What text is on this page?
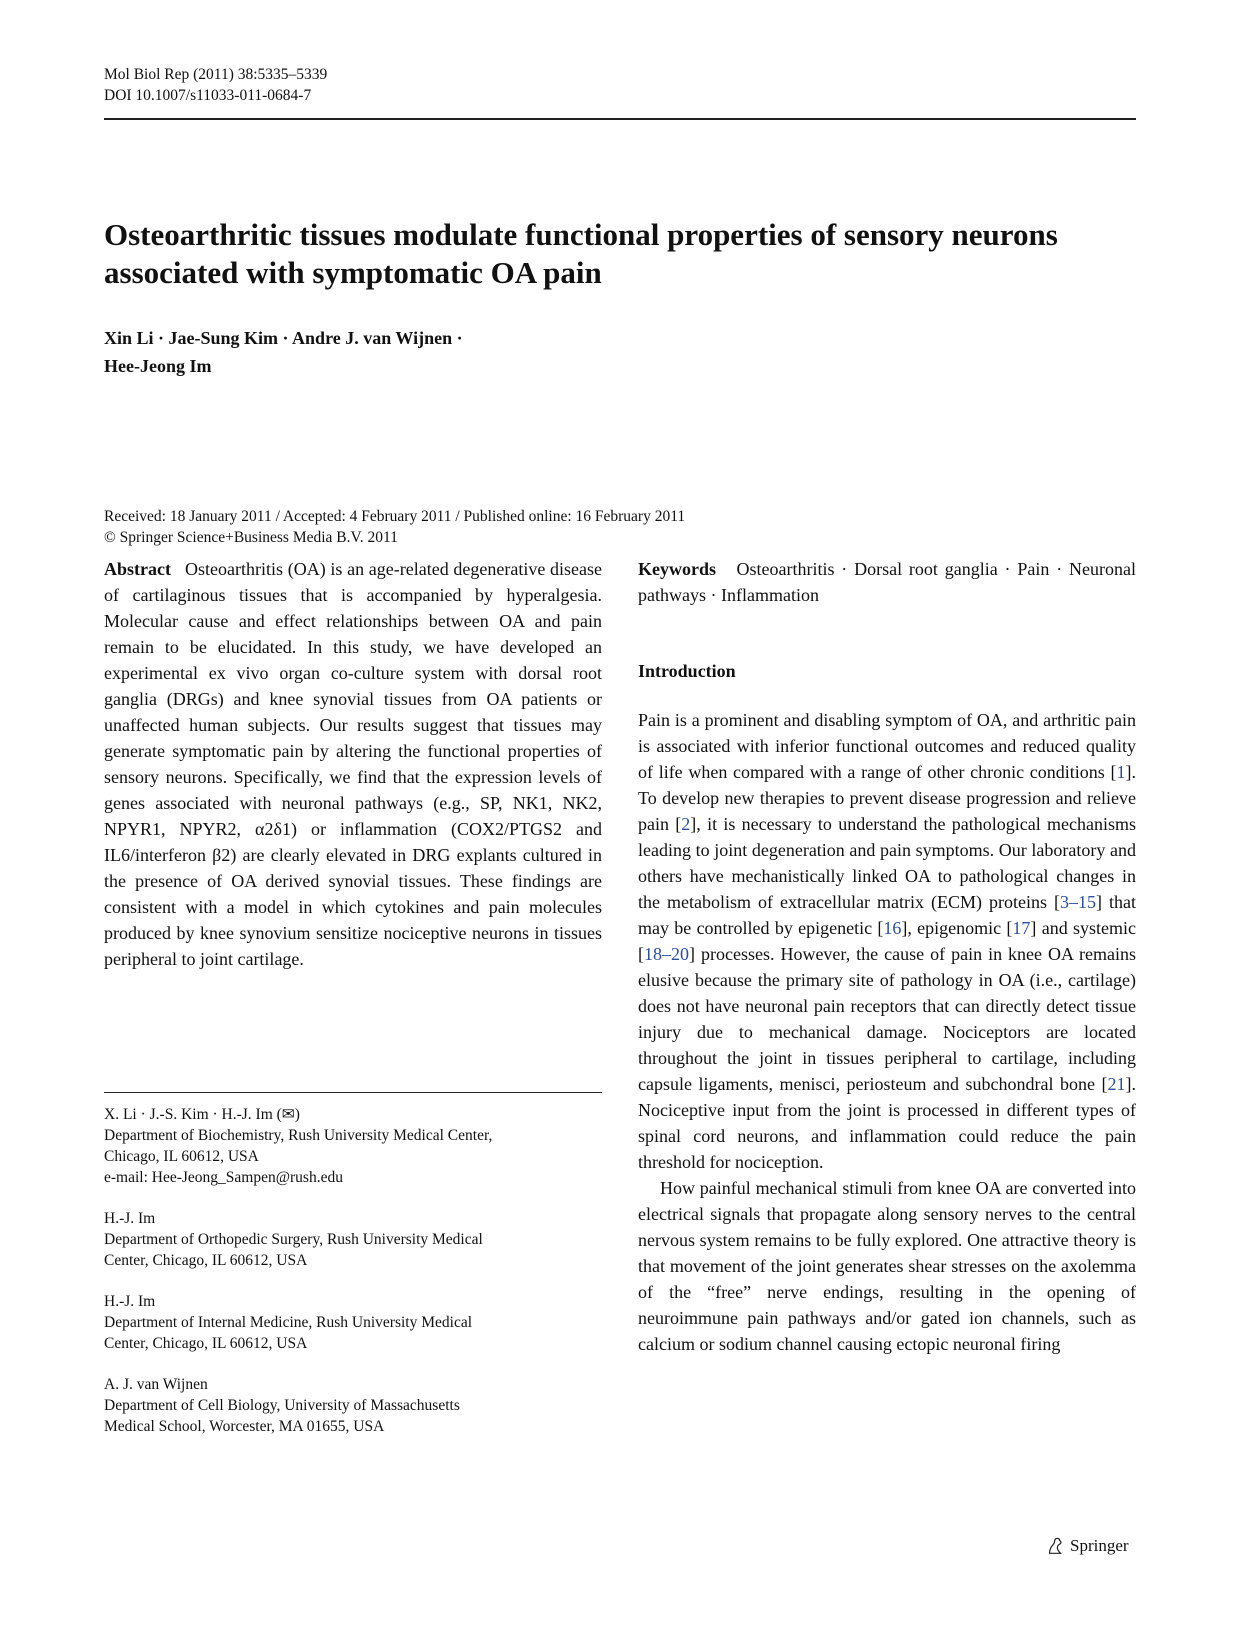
Mol Biol Rep (2011) 38:5335–5339
DOI 10.1007/s11033-011-0684-7
Osteoarthritic tissues modulate functional properties of sensory neurons associated with symptomatic OA pain
Xin Li · Jae-Sung Kim · Andre J. van Wijnen ·
Hee-Jeong Im
Received: 18 January 2011 / Accepted: 4 February 2011 / Published online: 16 February 2011
© Springer Science+Business Media B.V. 2011

Abstract Osteoarthritis (OA) is an age-related degenerative disease of cartilaginous tissues that is accompanied by hyperalgesia. Molecular cause and effect relationships between OA and pain remain to be elucidated. In this study, we have developed an experimental ex vivo organ co-culture system with dorsal root ganglia (DRGs) and knee synovial tissues from OA patients or unaffected human subjects. Our results suggest that tissues may generate symptomatic pain by altering the functional properties of sensory neurons. Specifically, we find that the expression levels of genes associated with neuronal pathways (e.g., SP, NK1, NK2, NPYR1, NPYR2, α2δ1) or inflammation (COX2/PTGS2 and IL6/interferon β2) are clearly elevated in DRG explants cultured in the presence of OA derived synovial tissues. These findings are consistent with a model in which cytokines and pain molecules produced by knee synovium sensitize nociceptive neurons in tissues peripheral to joint cartilage.

X. Li · J.-S. Kim · H.-J. Im (✉)
Department of Biochemistry, Rush University Medical Center,
Chicago, IL 60612, USA
e-mail: Hee-Jeong_Sampen@rush.edu
H.-J. Im
Department of Orthopedic Surgery, Rush University Medical
Center, Chicago, IL 60612, USA
H.-J. Im
Department of Internal Medicine, Rush University Medical
Center, Chicago, IL 60612, USA
A. J. van Wijnen
Department of Cell Biology, University of Massachusetts
Medical School, Worcester, MA 01655, USA

Keywords Osteoarthritis · Dorsal root ganglia · Pain · Neuronal pathways · Inflammation

Introduction

Pain is a prominent and disabling symptom of OA, and arthritic pain is associated with inferior functional outcomes and reduced quality of life when compared with a range of other chronic conditions [1]. To develop new therapies to prevent disease progression and relieve pain [2], it is necessary to understand the pathological mechanisms leading to joint degeneration and pain symptoms. Our laboratory and others have mechanistically linked OA to pathological changes in the metabolism of extracellular matrix (ECM) proteins [3–15] that may be controlled by epigenetic [16], epigenomic [17] and systemic [18–20] processes. However, the cause of pain in knee OA remains elusive because the primary site of pathology in OA (i.e., cartilage) does not have neuronal pain receptors that can directly detect tissue injury due to mechanical damage. Nociceptors are located throughout the joint in tissues peripheral to cartilage, including capsule ligaments, menisci, periosteum and subchondral bone [21]. Nociceptive input from the joint is processed in different types of spinal cord neurons, and inflammation could reduce the pain threshold for nociception.

How painful mechanical stimuli from knee OA are converted into electrical signals that propagate along sensory nerves to the central nervous system remains to be fully explored. One attractive theory is that movement of the joint generates shear stresses on the axolemma of the “free” nerve endings, resulting in the opening of neuroimmune pain pathways and/or gated ion channels, such as calcium or sodium channel causing ectopic neuronal firing

Springer
